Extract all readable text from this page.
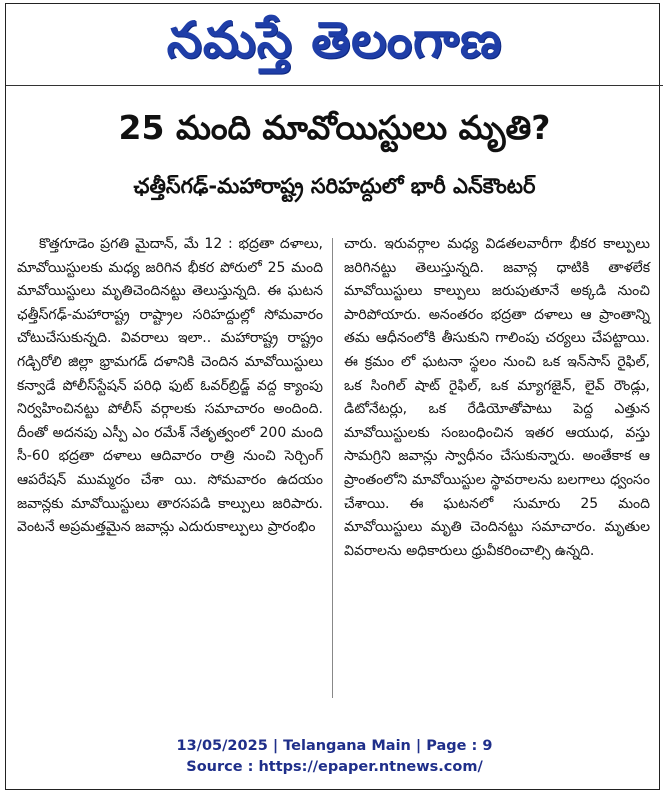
నమస్తే తెలంగాణ
25 మంది మావోయిస్టులు మృతి?
ఛత్తీస్‌గఢ్-మహారాష్ట్ర సరిహద్దులో భారీ ఎన్‌కౌంటర్

కొత్తగూడెం ప్రగతి మైదాన్, మే 12 : భద్రతా దళాలు, మావోయిస్టులకు మధ్య జరిగిన భీకర పోరులో 25 మంది మావోయిస్టులు మృతిచెందినట్టు తెలుస్తున్నది. ఈ ఘటన ఛత్తీస్‌గఢ్-మహారాష్ట్ర రాష్ట్రాల సరిహద్దుల్లో సోమవారం చోటుచేసుకున్నది. వివరాలు ఇలా.. మహారాష్ట్ర రాష్ట్రం గడ్చిరోలి జిల్లా భ్రామగడ్ దళానికి చెందిన మావోయిస్టులు కన్వాడే పోలీస్‌స్టేషన్ పరిధి ఫుట్ ఓవర్‌బ్రిడ్జ్ వద్ద క్యాంపు నిర్వహించినట్టు పోలీస్ వర్గాలకు సమాచారం అందింది. దీంతో అదనపు ఎస్పీ ఎం రమేశ్ నేతృత్వంలో 200 మంది సీ-60 భద్రతా దళాలు ఆదివారం రాత్రి నుంచి సెర్చింగ్ ఆపరేషన్ ముమ్మరం చేశా యి. సోమవారం ఉదయం జవాన్లకు మావోయిస్టులు తారసపడి కాల్పులు జరిపారు. వెంటనే అప్రమత్తమైన జవాన్లు ఎదురుకాల్పులు ప్రారంభిం

చారు. ఇరువర్గాల మధ్య విడతలవారీగా భీకర కాల్పులు జరిగినట్టు తెలుస్తున్నది. జవాన్ల ధాటికి తాళలేక మావోయిస్టులు కాల్పులు జరుపుతూనే అక్కడి నుంచి పారిపోయారు. అనంతరం భద్రతా దళాలు ఆ ప్రాంతాన్ని తమ ఆధీనంలోకి తీసుకుని గాలింపు చర్యలు చేపట్టాయి. ఈ క్రమం లో ఘటనా స్థలం నుంచి ఒక ఇన్‌సాస్ రైఫిల్, ఒక సింగిల్ షాట్ రైఫిల్, ఒక మ్యాగజైన్, లైవ్ రౌండ్లు, డిటోనేటర్లు, ఒక రేడియోతోపాటు పెద్ద ఎత్తున మావోయిస్టులకు సంబంధించిన ఇతర ఆయుధ, వస్తు సామగ్రిని జవాన్లు స్వాధీనం చేసుకున్నారు. అంతేకాక ఆ ప్రాంతంలోని మావోయిస్టుల స్థావరాలను బలగాలు ధ్వంసం చేశాయి. ఈ ఘటనలో సుమారు 25 మంది మావోయిస్టులు మృతి చెందినట్టు సమాచారం. మృతుల వివరాలను అధికారులు ధ్రువీకరించాల్సి ఉన్నది.

13/05/2025 | Telangana Main | Page : 9
Source : https://epaper.ntnews.com/
